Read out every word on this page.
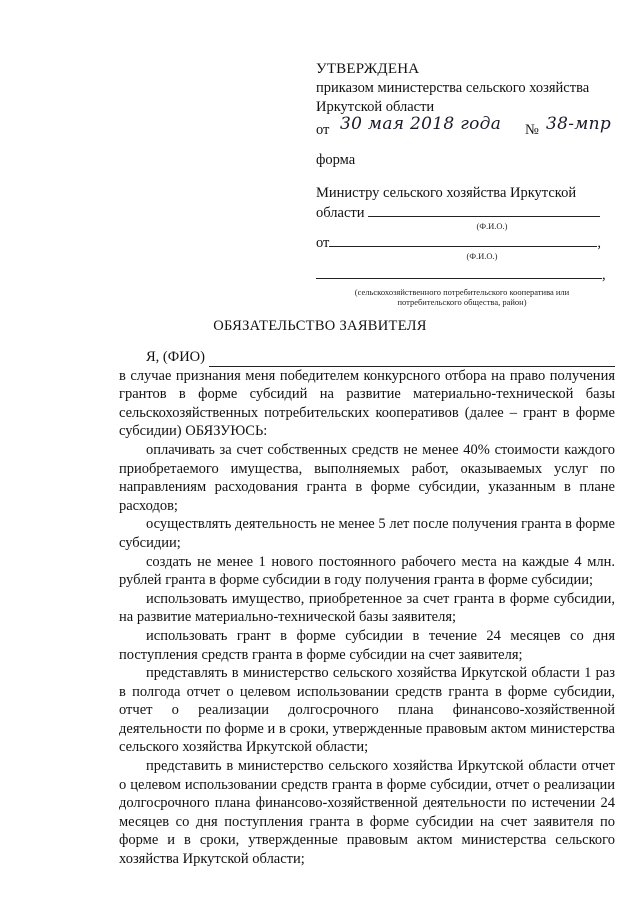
УТВЕРЖДЕНА
приказом министерства сельского хозяйства
Иркутской области
от 30 мая 2018 года № 38-мпр
форма
Министру сельского хозяйства Иркутской
области
(Ф.И.О.)
от	,
(Ф.И.О.)
,
(сельскохозяйственного потребительского кооператива или
потребительского общества, район)
ОБЯЗАТЕЛЬСТВО ЗАЯВИТЕЛЯ
Я, (ФИО)

в случае признания меня победителем конкурсного отбора на право получения грантов в форме субсидий на развитие материально-технической базы сельскохозяйственных потребительских кооперативов (далее – грант в форме субсидии) ОБЯЗУЮСЬ:

оплачивать за счет собственных средств не менее 40% стоимости каждого приобретаемого имущества, выполняемых работ, оказываемых услуг по направлениям расходования гранта в форме субсидии, указанным в плане расходов;

осуществлять деятельность не менее 5 лет после получения гранта в форме субсидии;

создать не менее 1 нового постоянного рабочего места на каждые 4 млн. рублей гранта в форме субсидии в году получения гранта в форме субсидии;

использовать имущество, приобретенное за счет гранта в форме субсидии, на развитие материально-технической базы заявителя;

использовать грант в форме субсидии в течение 24 месяцев со дня поступления средств гранта в форме субсидии на счет заявителя;

представлять в министерство сельского хозяйства Иркутской области 1 раз в полгода отчет о целевом использовании средств гранта в форме субсидии, отчет о реализации долгосрочного плана финансово-хозяйственной деятельности по форме и в сроки, утвержденные правовым актом министерства сельского хозяйства Иркутской области;

представить в министерство сельского хозяйства Иркутской области отчет о целевом использовании средств гранта в форме субсидии, отчет о реализации долгосрочного плана финансово-хозяйственной деятельности по истечении 24 месяцев со дня поступления гранта в форме субсидии на счет заявителя по форме и в сроки, утвержденные правовым актом министерства сельского хозяйства Иркутской области;
